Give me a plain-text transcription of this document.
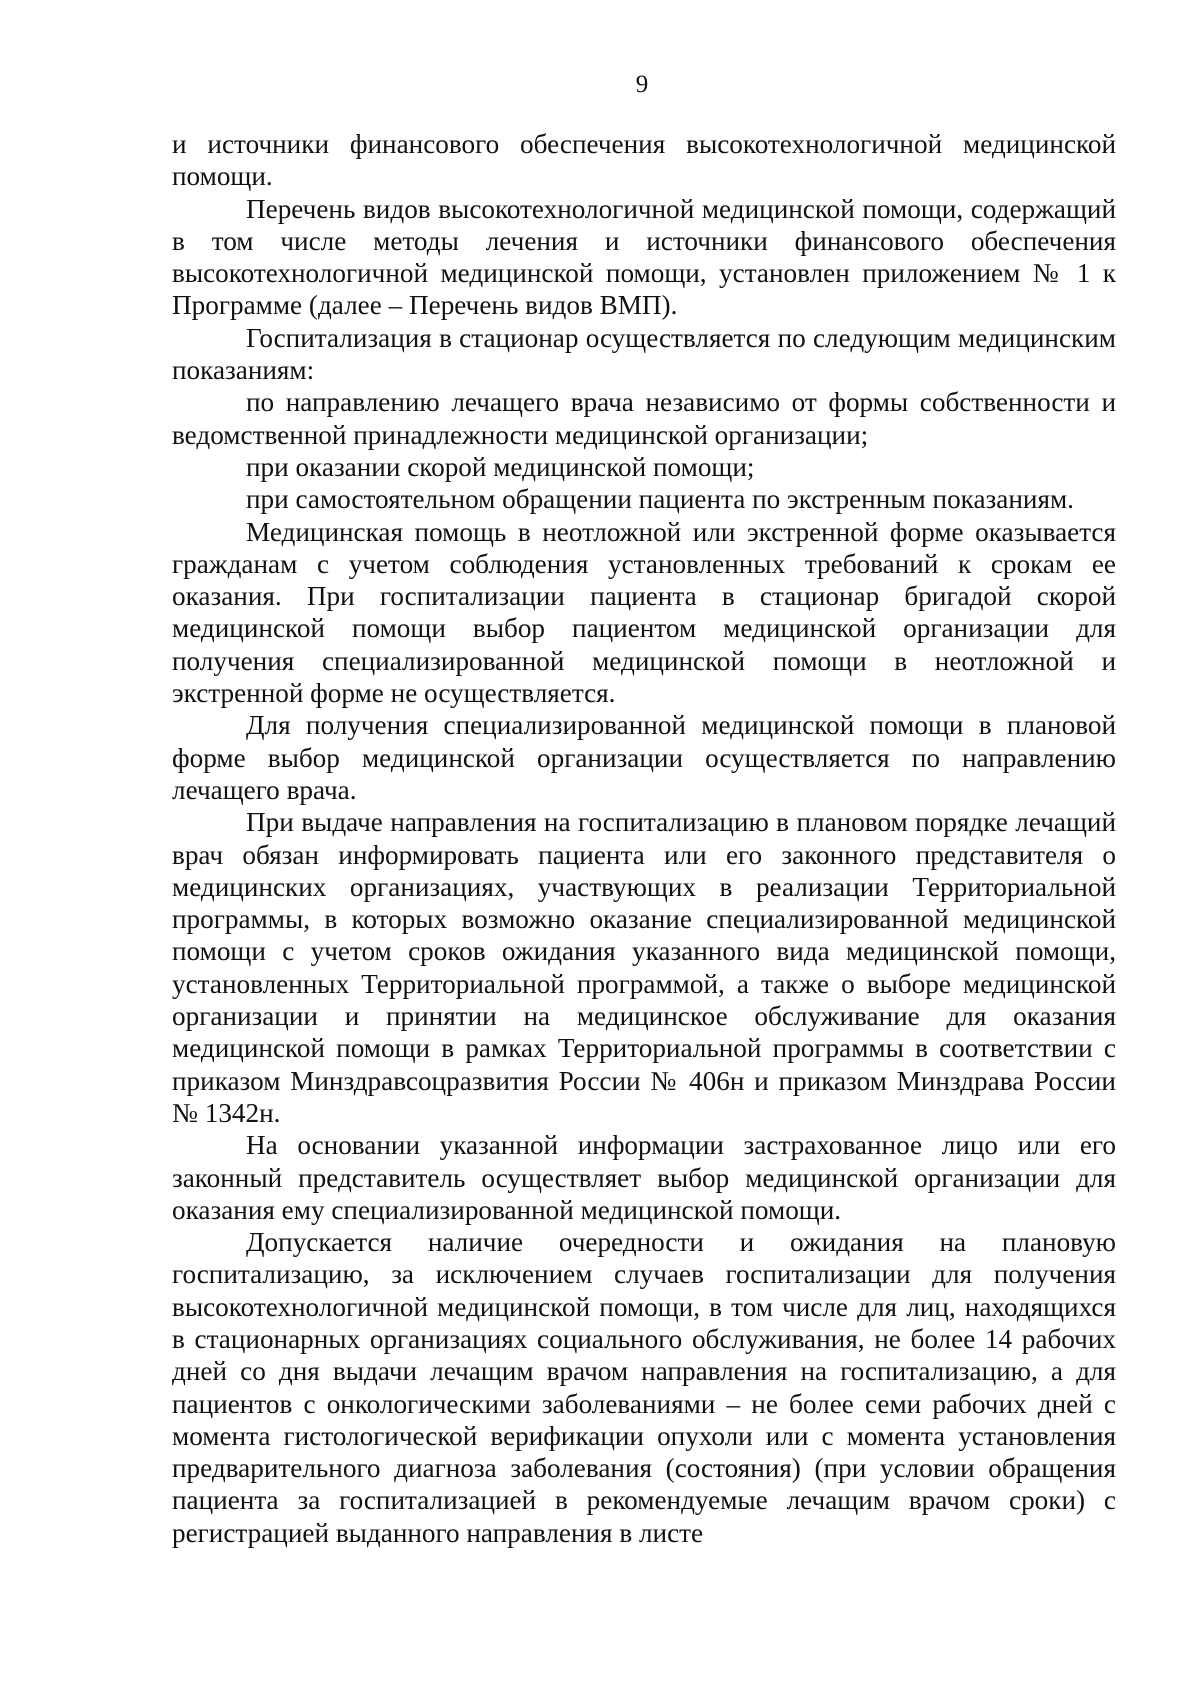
9

и источники финансового обеспечения высокотехнологичной медицинской помощи.

Перечень видов высокотехнологичной медицинской помощи, содержащий в том числе методы лечения и источники финансового обеспечения высокотехнологичной медицинской помощи, установлен приложением № 1 к Программе (далее – Перечень видов ВМП).

Госпитализация в стационар осуществляется по следующим медицинским показаниям:

по направлению лечащего врача независимо от формы собственности и ведомственной принадлежности медицинской организации;

при оказании скорой медицинской помощи;

при самостоятельном обращении пациента по экстренным показаниям.

Медицинская помощь в неотложной или экстренной форме оказывается гражданам с учетом соблюдения установленных требований к срокам ее оказания. При госпитализации пациента в стационар бригадой скорой медицинской помощи выбор пациентом медицинской организации для получения специализированной медицинской помощи в неотложной и экстренной форме не осуществляется.

Для получения специализированной медицинской помощи в плановой форме выбор медицинской организации осуществляется по направлению лечащего врача.

При выдаче направления на госпитализацию в плановом порядке лечащий врач обязан информировать пациента или его законного представителя о медицинских организациях, участвующих в реализации Территориальной программы, в которых возможно оказание специализированной медицинской помощи с учетом сроков ожидания указанного вида медицинской помощи, установленных Территориальной программой, а также о выборе медицинской организации и принятии на медицинское обслуживание для оказания медицинской помощи в рамках Территориальной программы в соответствии с приказом Минздравсоцразвития России № 406н и приказом Минздрава России № 1342н.

На основании указанной информации застрахованное лицо или его законный представитель осуществляет выбор медицинской организации для оказания ему специализированной медицинской помощи.

Допускается наличие очередности и ожидания на плановую госпитализацию, за исключением случаев госпитализации для получения высокотехнологичной медицинской помощи, в том числе для лиц, находящихся в стационарных организациях социального обслуживания, не более 14 рабочих дней со дня выдачи лечащим врачом направления на госпитализацию, а для пациентов с онкологическими заболеваниями – не более семи рабочих дней с момента гистологической верификации опухоли или с момента установления предварительного диагноза заболевания (состояния) (при условии обращения пациента за госпитализацией в рекомендуемые лечащим врачом сроки) с регистрацией выданного направления в листе
